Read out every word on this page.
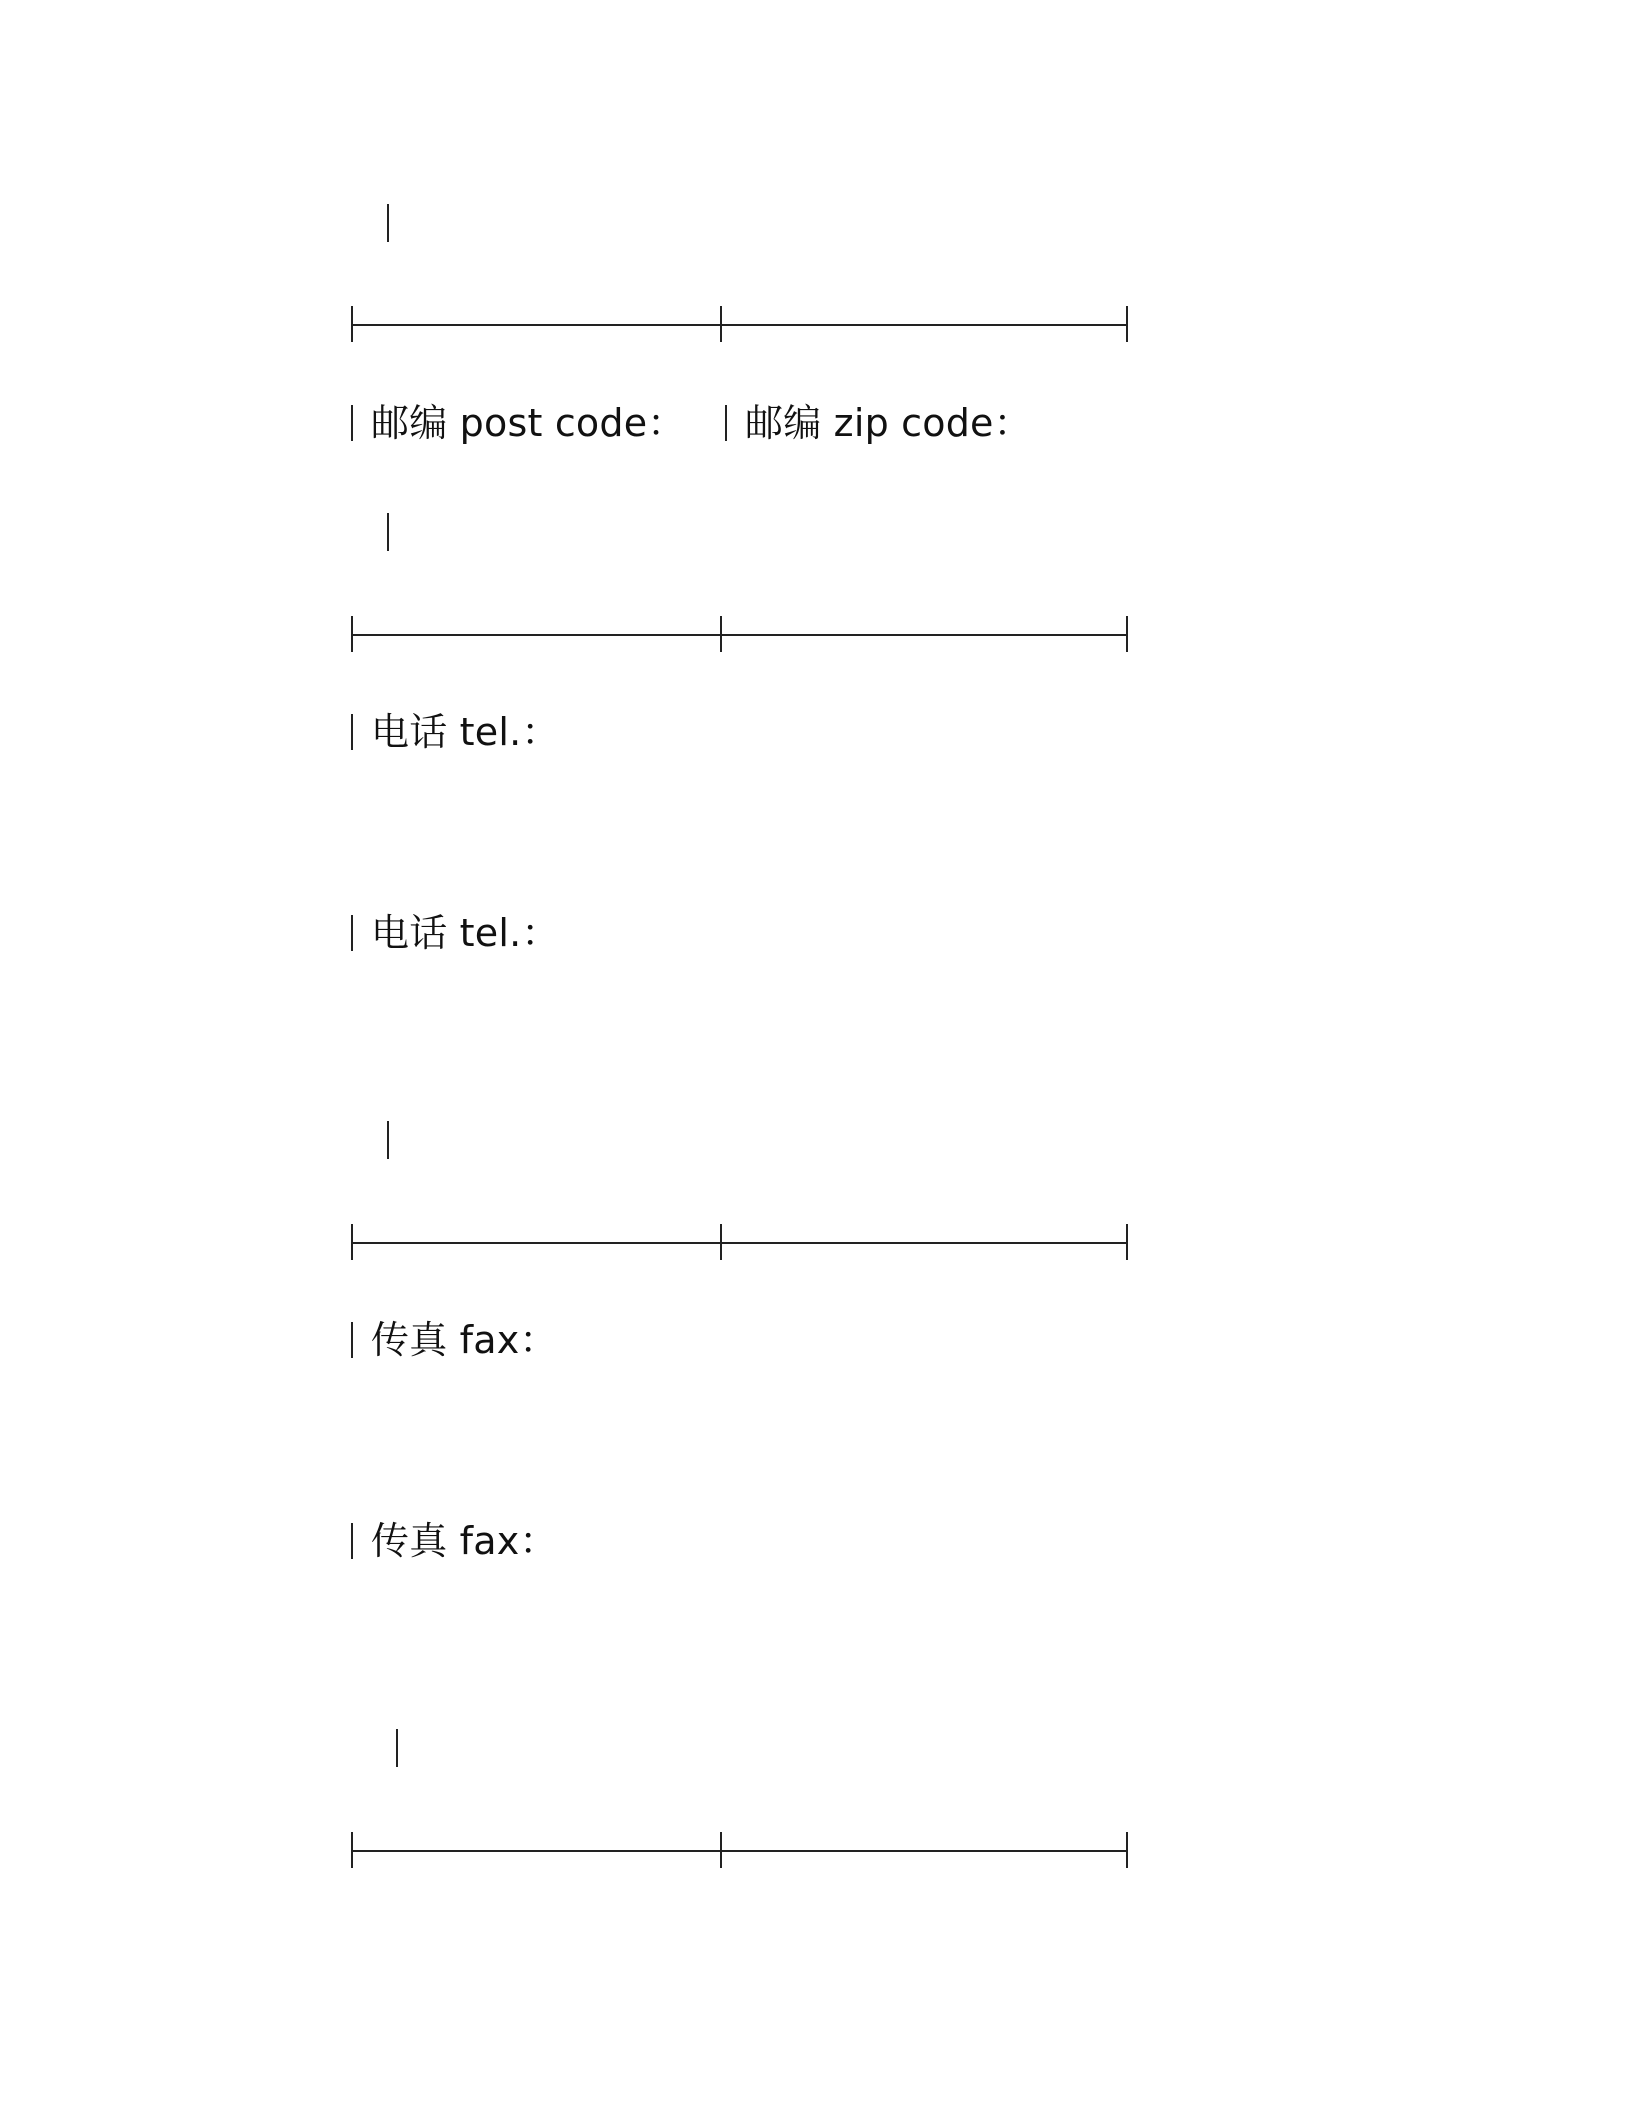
邮编 post code： 邮编 zip code：
电话 tel.：
电话 tel.：
传真 fax：
传真 fax：
